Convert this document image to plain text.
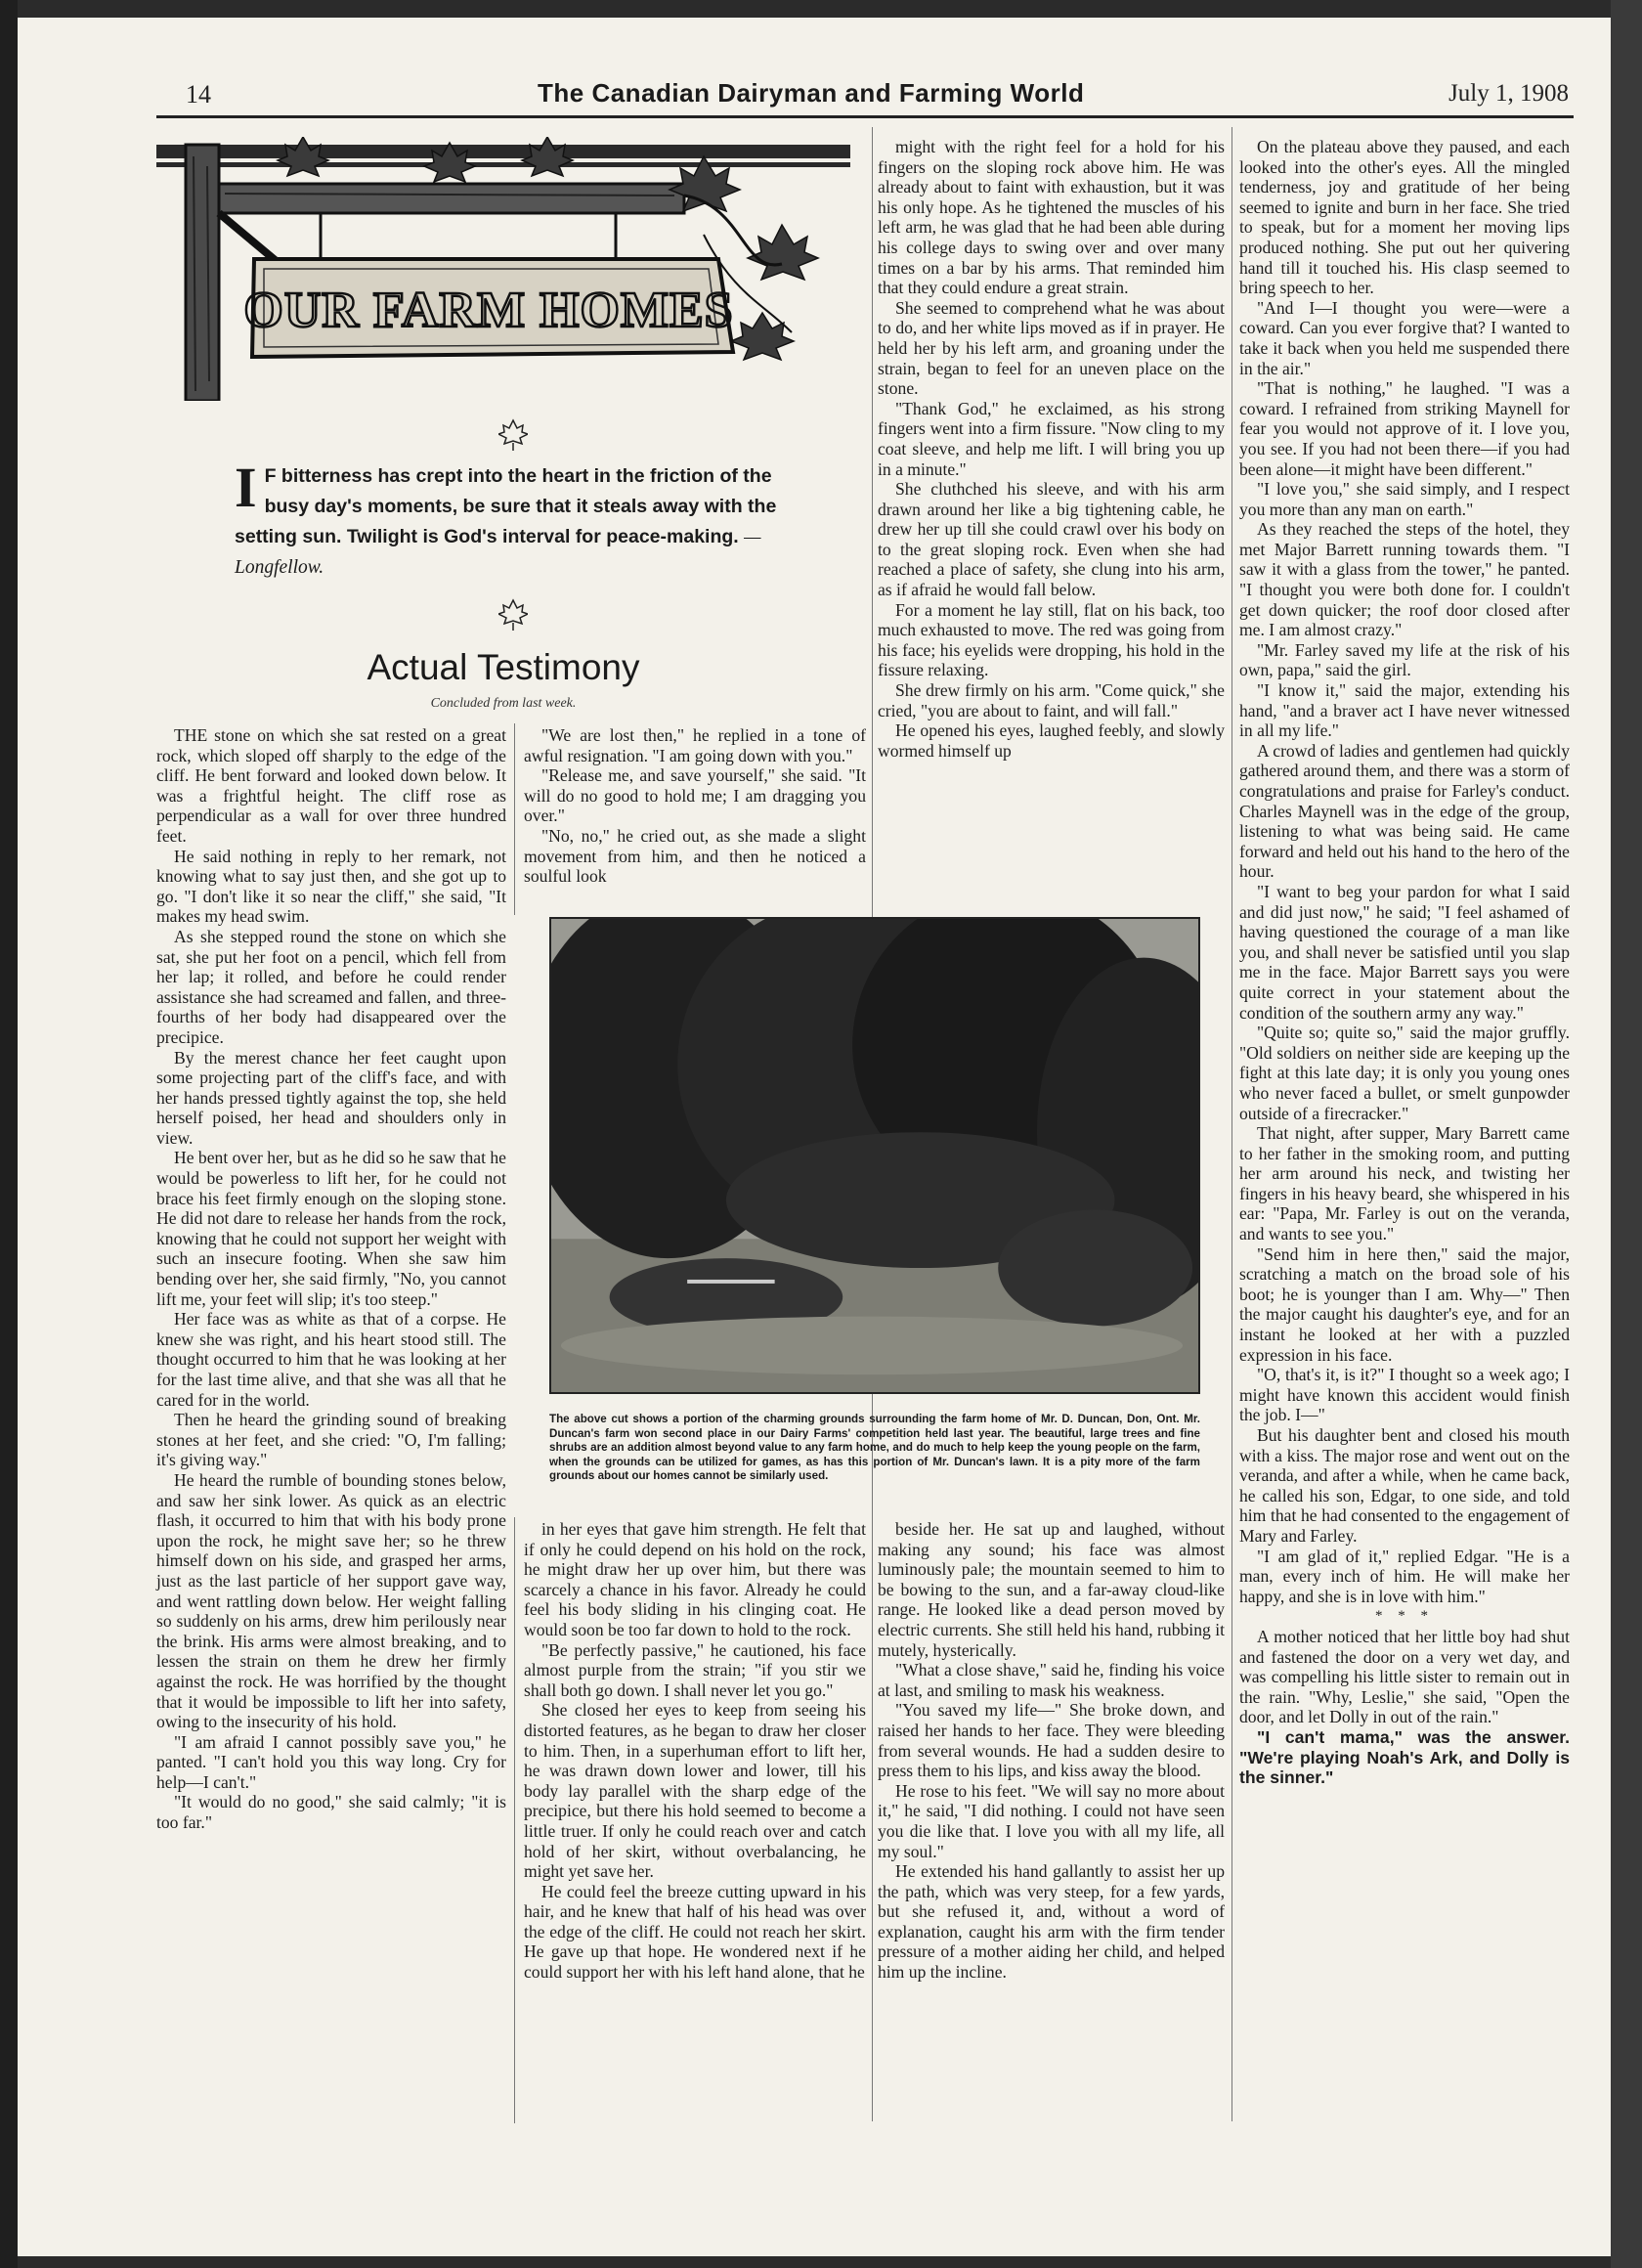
14	The Canadian Dairyman and Farming World	July 1, 1908
OUR FARM HOMES
I F bitterness has crept into the heart in the friction of the busy day's moments, be sure that it steals away with the setting sun. Twilight is God's interval for peace-making. —Longfellow.
Actual Testimony
Concluded from last week.

THE stone on which she sat rested on a great rock, which sloped off sharply to the edge of the cliff. He bent forward and looked down below. It was a frightful height. The cliff rose as perpendicular as a wall for over three hundred feet.

He said nothing in reply to her remark, not knowing what to say just then, and she got up to go. "I don't like it so near the cliff," she said, "It makes my head swim.

As she stepped round the stone on which she sat, she put her foot on a pencil, which fell from her lap; it rolled, and before he could render assistance she had screamed and fallen, and three-fourths of her body had disappeared over the precipice.

By the merest chance her feet caught upon some projecting part of the cliff's face, and with her hands pressed tightly against the top, she held herself poised, her head and shoulders only in view.

He bent over her, but as he did so he saw that he would be powerless to lift her, for he could not brace his feet firmly enough on the sloping stone. He did not dare to release her hands from the rock, knowing that he could not support her weight with such an insecure footing. When she saw him bending over her, she said firmly, "No, you cannot lift me, your feet will slip; it's too steep."

Her face was as white as that of a corpse. He knew she was right, and his heart stood still. The thought occurred to him that he was looking at her for the last time alive, and that she was all that he cared for in the world.

Then he heard the grinding sound of breaking stones at her feet, and she cried: "O, I'm falling; it's giving way."

He heard the rumble of bounding stones below, and saw her sink lower. As quick as an electric flash, it occurred to him that with his body prone upon the rock, he might save her; so he threw himself down on his side, and grasped her arms, just as the last particle of her support gave way, and went rattling down below. Her weight falling so suddenly on his arms, drew him perilously near the brink. His arms were almost breaking, and to lessen the strain on them he drew her firmly against the rock. He was horrified by the thought that it would be impossible to lift her into safety, owing to the insecurity of his hold.

"I am afraid I cannot possibly save you," he panted. "I can't hold you this way long. Cry for help—I can't."

"It would do no good," she said calmly; "it is too far."

"We are lost then," he replied in a tone of awful resignation. "I am going down with you."

"Release me, and save yourself," she said. "It will do no good to hold me; I am dragging you over."

"No, no," he cried out, as she made a slight movement from him, and then he noticed a soulful look

might with the right feel for a hold for his fingers on the sloping rock above him. He was already about to faint with exhaustion, but it was his only hope. As he tightened the muscles of his left arm, he was glad that he had been able during his college days to swing over and over many times on a bar by his arms. That reminded him that they could endure a great strain.

She seemed to comprehend what he was about to do, and her white lips moved as if in prayer. He held her by his left arm, and groaning under the strain, began to feel for an uneven place on the stone.

"Thank God," he exclaimed, as his strong fingers went into a firm fissure. "Now cling to my coat sleeve, and help me lift. I will bring you up in a minute."

She cluthched his sleeve, and with his arm drawn around her like a big tightening cable, he drew her up till she could crawl over his body on to the great sloping rock. Even when she had reached a place of safety, she clung into his arm, as if afraid he would fall below.

For a moment he lay still, flat on his back, too much exhausted to move. The red was going from his face; his eyelids were dropping, his hold in the fissure relaxing.

She drew firmly on his arm. "Come quick," she cried, "you are about to faint, and will fall."

He opened his eyes, laughed feebly, and slowly wormed himself up

The above cut shows a portion of the charming grounds surrounding the farm home of Mr. D. Duncan, Don, Ont. Mr. Duncan's farm won second place in our Dairy Farms' competition held last year. The beautiful, large trees and fine shrubs are an addition almost beyond value to any farm home, and do much to help keep the young people on the farm, when the grounds can be utilized for games, as has this portion of Mr. Duncan's lawn. It is a pity more of the farm grounds about our homes cannot be similarly used.

in her eyes that gave him strength. He felt that if only he could depend on his hold on the rock, he might draw her up over him, but there was scarcely a chance in his favor. Already he could feel his body sliding in his clinging coat. He would soon be too far down to hold to the rock.

"Be perfectly passive," he cautioned, his face almost purple from the strain; "if you stir we shall both go down. I shall never let you go."

She closed her eyes to keep from seeing his distorted features, as he began to draw her closer to him. Then, in a superhuman effort to lift her, he was drawn down lower and lower, till his body lay parallel with the sharp edge of the precipice, but there his hold seemed to become a little truer. If only he could reach over and catch hold of her skirt, without overbalancing, he might yet save her.

He could feel the breeze cutting upward in his hair, and he knew that half of his head was over the edge of the cliff. He could not reach her skirt. He gave up that hope. He wondered next if he could support her with his left hand alone, that he

beside her. He sat up and laughed, without making any sound; his face was almost luminously pale; the mountain seemed to him to be bowing to the sun, and a far-away cloud-like range. He looked like a dead person moved by electric currents. She still held his hand, rubbing it mutely, hysterically.

"What a close shave," said he, finding his voice at last, and smiling to mask his weakness.

"You saved my life—" She broke down, and raised her hands to her face. They were bleeding from several wounds. He had a sudden desire to press them to his lips, and kiss away the blood.

He rose to his feet. "We will say no more about it," he said, "I did nothing. I could not have seen you die like that. I love you with all my life, all my soul."

He extended his hand gallantly to assist her up the path, which was very steep, for a few yards, but she refused it, and, without a word of explanation, caught his arm with the firm tender pressure of a mother aiding her child, and helped him up the incline.

On the plateau above they paused, and each looked into the other's eyes. All the mingled tenderness, joy and gratitude of her being seemed to ignite and burn in her face. She tried to speak, but for a moment her moving lips produced nothing. She put out her quivering hand till it touched his. His clasp seemed to bring speech to her.

"And I—I thought you were—were a coward. Can you ever forgive that? I wanted to take it back when you held me suspended there in the air."

"That is nothing," he laughed. "I was a coward. I refrained from striking Maynell for fear you would not approve of it. I love you, you see. If you had not been there—if you had been alone—it might have been different."

"I love you," she said simply, and I respect you more than any man on earth."

As they reached the steps of the hotel, they met Major Barrett running towards them. "I saw it with a glass from the tower," he panted. "I thought you were both done for. I couldn't get down quicker; the roof door closed after me. I am almost crazy."

"Mr. Farley saved my life at the risk of his own, papa," said the girl.

"I know it," said the major, extending his hand, "and a braver act I have never witnessed in all my life."

A crowd of ladies and gentlemen had quickly gathered around them, and there was a storm of congratulations and praise for Farley's conduct. Charles Maynell was in the edge of the group, listening to what was being said. He came forward and held out his hand to the hero of the hour.

"I want to beg your pardon for what I said and did just now," he said; "I feel ashamed of having questioned the courage of a man like you, and shall never be satisfied until you slap me in the face. Major Barrett says you were quite correct in your statement about the condition of the southern army any way."

"Quite so; quite so," said the major gruffly. "Old soldiers on neither side are keeping up the fight at this late day; it is only you young ones who never faced a bullet, or smelt gunpowder outside of a firecracker."

That night, after supper, Mary Barrett came to her father in the smoking room, and putting her arm around his neck, and twisting her fingers in his heavy beard, she whispered in his ear: "Papa, Mr. Farley is out on the veranda, and wants to see you."

"Send him in here then," said the major, scratching a match on the broad sole of his boot; he is younger than I am. Why—" Then the major caught his daughter's eye, and for an instant he looked at her with a puzzled expression in his face.

"O, that's it, is it?" I thought so a week ago; I might have known this accident would finish the job. I—"

But his daughter bent and closed his mouth with a kiss. The major rose and went out on the veranda, and after a while, when he came back, he called his son, Edgar, to one side, and told him that he had consented to the engagement of Mary and Farley.

"I am glad of it," replied Edgar. "He is a man, every inch of him. He will make her happy, and she is in love with him."

* * *

A mother noticed that her little boy had shut and fastened the door on a very wet day, and was compelling his little sister to remain out in the rain. "Why, Leslie," she said, "Open the door, and let Dolly in out of the rain."

"I can't mama," was the answer. "We're playing Noah's Ark, and Dolly is the sinner."
